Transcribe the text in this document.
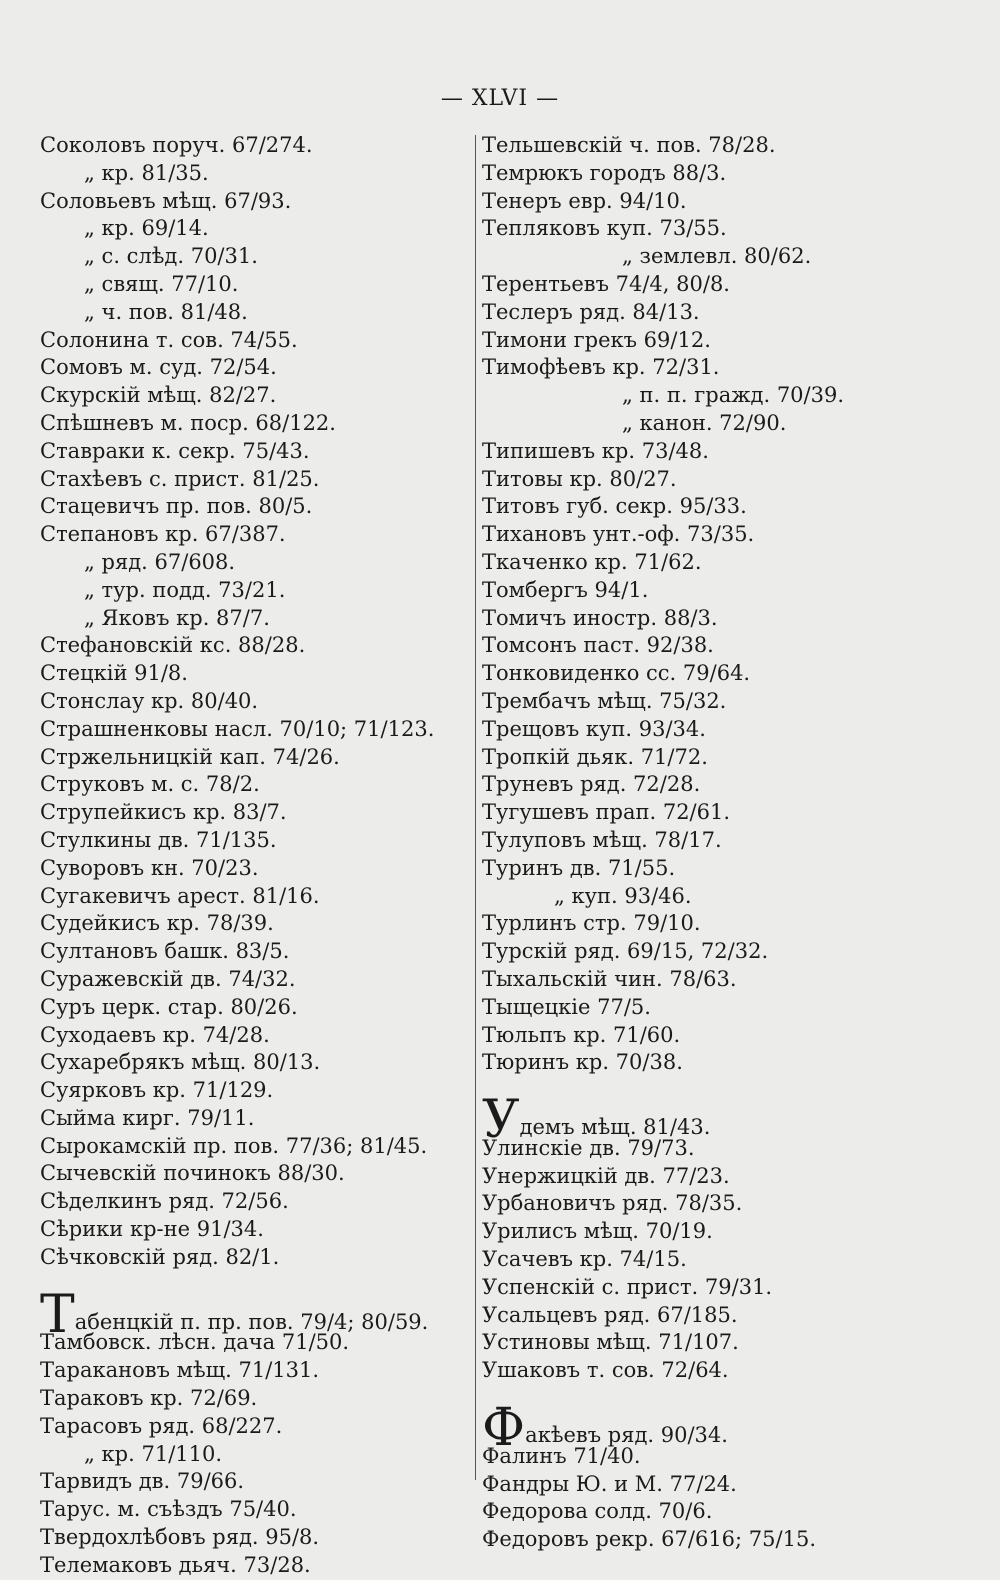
— XLVI —
Соколовъ поруч. 67/274.
„ кр. 81/35.
Соловьевъ мѣщ. 67/93.
„ кр. 69/14.
„ с. слѣд. 70/31.
„ свящ. 77/10.
„ ч. пов. 81/48.
Солонина т. сов. 74/55.
Сомовъ м. суд. 72/54.
Скурскій мѣщ. 82/27.
Спѣшневъ м. поср. 68/122.
Ставраки к. секр. 75/43.
Стахѣевъ с. прист. 81/25.
Стацевичъ пр. пов. 80/5.
Степановъ кр. 67/387.
„ ряд. 67/608.
„ тур. подд. 73/21.
„ Яковъ кр. 87/7.
Стефановскій кс. 88/28.
Стецкій 91/8.
Стонслау кр. 80/40.
Страшненковы насл. 70/10; 71/123.
Стржельницкій кап. 74/26.
Струковъ м. с. 78/2.
Струпейкисъ кр. 83/7.
Стулкины дв. 71/135.
Суворовъ кн. 70/23.
Сугакевичъ арест. 81/16.
Судейкисъ кр. 78/39.
Султановъ башк. 83/5.
Суражевскій дв. 74/32.
Суръ церк. стар. 80/26.
Суходаевъ кр. 74/28.
Сухаребрякъ мѣщ. 80/13.
Суярковъ кр. 71/129.
Сыйма кирг. 79/11.
Сырокамскій пр. пов. 77/36; 81/45.
Сычевскій починокъ 88/30.
Сѣделкинъ ряд. 72/56.
Сѣрики кр-не 91/34.
Сѣчковскій ряд. 82/1.
Табенцкій п. пр. пов. 79/4; 80/59.
Тамбовск. лѣсн. дача 71/50.
Таракановъ мѣщ. 71/131.
Тараковъ кр. 72/69.
Тарасовъ ряд. 68/227.
„ кр. 71/110.
Тарвидъ дв. 79/66.
Тарус. м. съѣздъ 75/40.
Твердохлѣбовъ ряд. 95/8.
Телемаковъ дьяч. 73/28.
Тельшевскій ч. пов. 78/28.
Темрюкъ городъ 88/3.
Тенеръ евр. 94/10.
Тепляковъ куп. 73/55.
„ землевл. 80/62.
Терентьевъ 74/4, 80/8.
Теслеръ ряд. 84/13.
Тимони грекъ 69/12.
Тимофѣевъ кр. 72/31.
„ п. п. гражд. 70/39.
„ канон. 72/90.
Типишевъ кр. 73/48.
Титовы кр. 80/27.
Титовъ губ. секр. 95/33.
Тихановъ унт.-оф. 73/35.
Ткаченко кр. 71/62.
Томбергъ 94/1.
Томичъ иностр. 88/3.
Томсонъ паст. 92/38.
Тонковиденко сс. 79/64.
Трембачъ мѣщ. 75/32.
Трещовъ куп. 93/34.
Тропкій дьяк. 71/72.
Труневъ ряд. 72/28.
Тугушевъ прап. 72/61.
Тулуповъ мѣщ. 78/17.
Туринъ дв. 71/55.
„ куп. 93/46.
Турлинъ стр. 79/10.
Турскій ряд. 69/15, 72/32.
Тыхальскій чин. 78/63.
Тыщецкіе 77/5.
Тюльпъ кр. 71/60.
Тюринъ кр. 70/38.
Удемъ мѣщ. 81/43.
Улинскіе дв. 79/73.
Унержицкій дв. 77/23.
Урбановичъ ряд. 78/35.
Урилисъ мѣщ. 70/19.
Усачевъ кр. 74/15.
Успенскій с. прист. 79/31.
Усальцевъ ряд. 67/185.
Устиновы мѣщ. 71/107.
Ушаковъ т. сов. 72/64.
Факѣевъ ряд. 90/34.
Фалинъ 71/40.
Фандры Ю. и М. 77/24.
Федорова солд. 70/6.
Федоровъ рекр. 67/616; 75/15.
